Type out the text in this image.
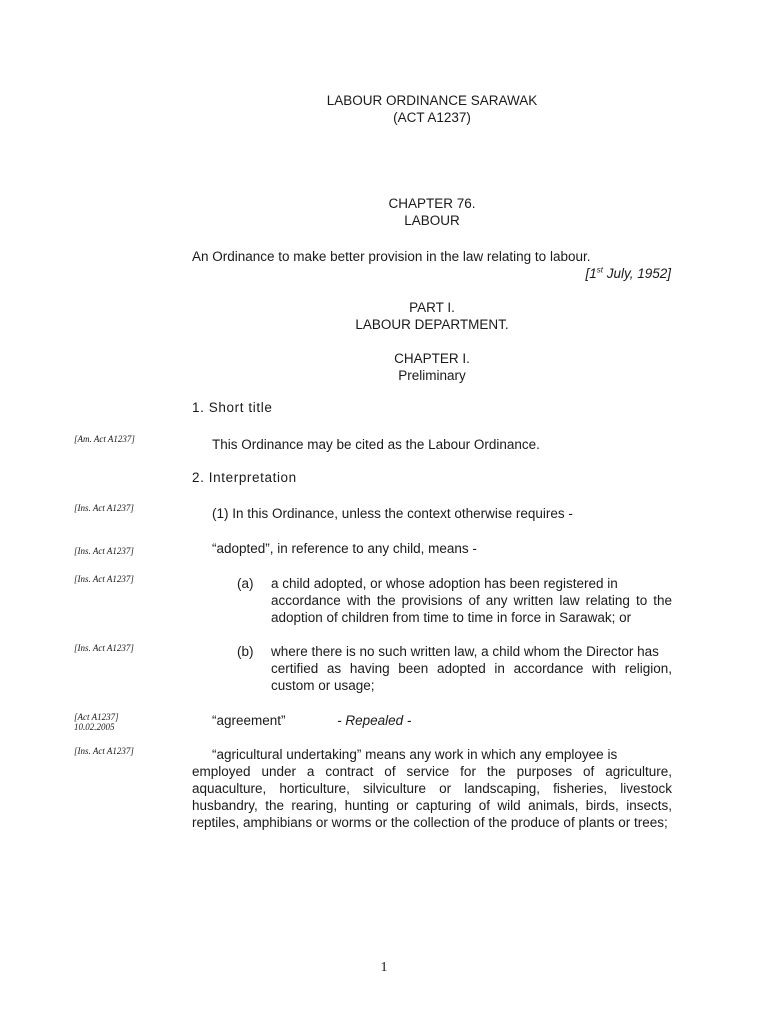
LABOUR ORDINANCE SARAWAK
(ACT A1237)
CHAPTER 76.
LABOUR
An Ordinance to make better provision in the law relating to labour.
[1st July, 1952]
PART I.
LABOUR DEPARTMENT.
CHAPTER I.
Preliminary
1. Short title
[Am. Act A1237]	This Ordinance may be cited as the Labour Ordinance.
2. Interpretation
[Ins. Act A1237]	(1) In this Ordinance, unless the context otherwise requires -
[Ins. Act A1237]	“adopted”, in reference to any child, means -
[Ins. Act A1237]	(a) a child adopted, or whose adoption has been registered in
accordance with the provisions of any written law relating to the adoption of children from time to time in force in Sarawak; or
[Ins. Act A1237]	(b) where there is no such written law, a child whom the Director has
certified as having been adopted in accordance with religion, custom or usage;
[Act A1237]
10.02.2005	“agreement”	- Repealed -
[Ins. Act A1237]	“agricultural undertaking” means any work in which any employee is
employed under a contract of service for the purposes of agriculture, aquaculture, horticulture, silviculture or landscaping, fisheries, livestock husbandry, the rearing, hunting or capturing of wild animals, birds, insects, reptiles, amphibians or worms or the collection of the produce of plants or trees;
1
